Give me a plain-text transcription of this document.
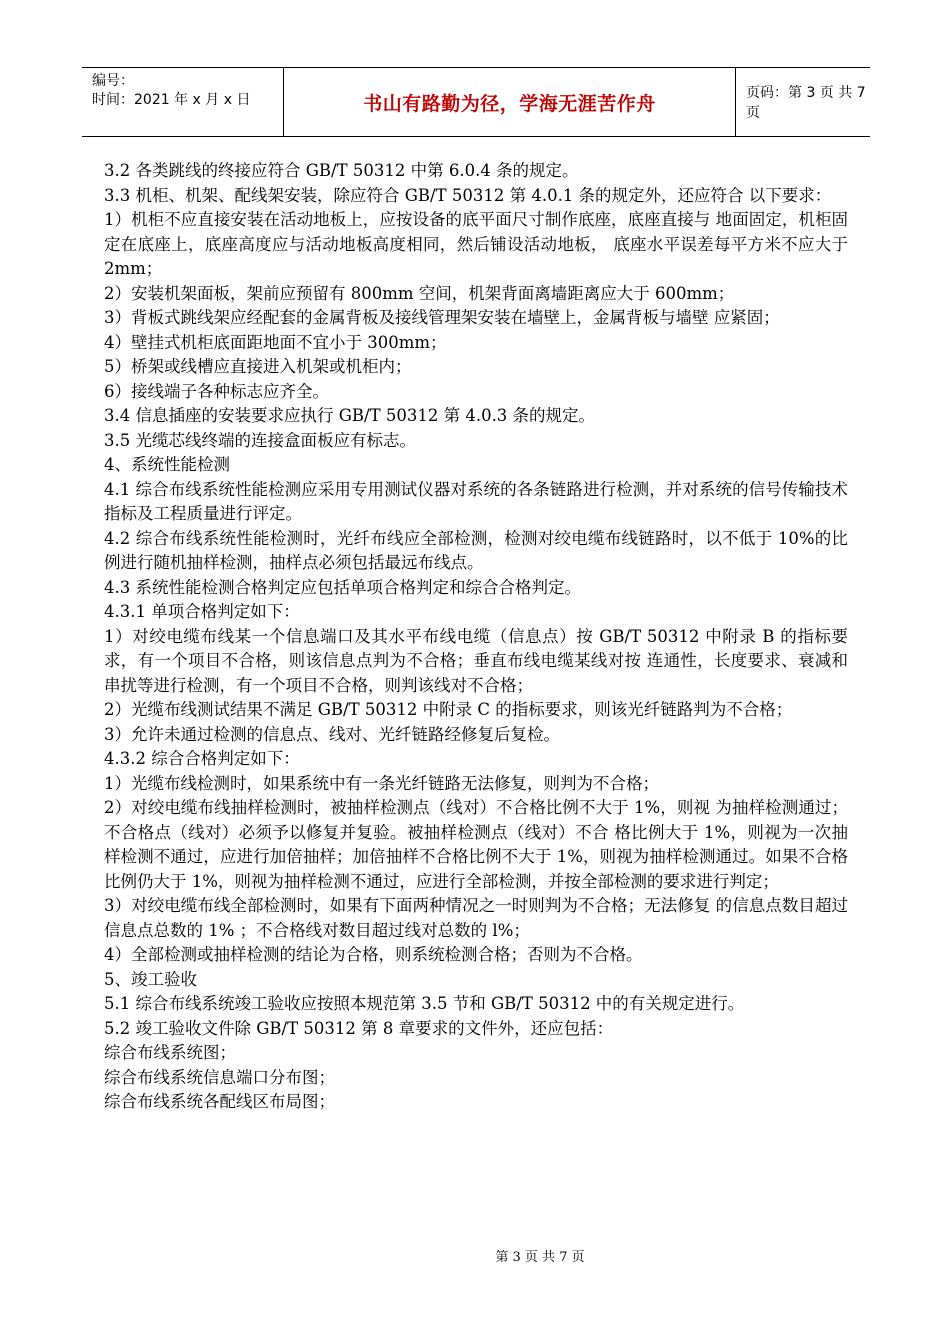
编号：
时间：2021 年 x 月 x 日	书山有路勤为径，学海无涯苦作舟	页码：第 3 页 共 7 页

3.2 各类跳线的终接应符合 GB/T 50312 中第 6.0.4 条的规定。

3.3 机柜、机架、配线架安装，除应符合 GB/T 50312 第 4.0.1 条的规定外，还应符合 以下要求：

1）机柜不应直接安装在活动地板上，应按设备的底平面尺寸制作底座，底座直接与 地面固定，机柜固定在底座上，底座高度应与活动地板高度相同，然后铺设活动地板， 底座水平误差每平方米不应大于 2mm；

2）安装机架面板，架前应预留有 800mm 空间，机架背面离墙距离应大于 600mm；

3）背板式跳线架应经配套的金属背板及接线管理架安装在墙壁上，金属背板与墙壁 应紧固；

4）壁挂式机柜底面距地面不宜小于 300mm；

5）桥架或线槽应直接进入机架或机柜内；

6）接线端子各种标志应齐全。

3.4 信息插座的安装要求应执行 GB/T 50312 第 4.0.3 条的规定。

3.5 光缆芯线终端的连接盒面板应有标志。

4、系统性能检测

4.1 综合布线系统性能检测应采用专用测试仪器对系统的各条链路进行检测，并对系统的信号传输技术指标及工程质量进行评定。

4.2 综合布线系统性能检测时，光纤布线应全部检测，检测对绞电缆布线链路时，以不低于 10%的比例进行随机抽样检测，抽样点必须包括最远布线点。

4.3 系统性能检测合格判定应包括单项合格判定和综合合格判定。

4.3.1 单项合格判定如下：

1）对绞电缆布线某一个信息端口及其水平布线电缆（信息点）按 GB/T 50312 中附录 B 的指标要求，有一个项目不合格，则该信息点判为不合格；垂直布线电缆某线对按 连通性，长度要求、衰减和串扰等进行检测，有一个项目不合格，则判该线对不合格；

2）光缆布线测试结果不满足 GB/T 50312 中附录 C 的指标要求，则该光纤链路判为不合格；

3）允许未通过检测的信息点、线对、光纤链路经修复后复检。

4.3.2 综合合格判定如下：

1）光缆布线检测时，如果系统中有一条光纤链路无法修复，则判为不合格；

2）对绞电缆布线抽样检测时，被抽样检测点（线对）不合格比例不大于 1%，则视 为抽样检测通过；不合格点（线对）必须予以修复并复验。被抽样检测点（线对）不合 格比例大于 1%，则视为一次抽样检测不通过，应进行加倍抽样；加倍抽样不合格比例不大于 1%，则视为抽样检测通过。如果不合格比例仍大于 1%，则视为抽样检测不通过，应进行全部检测，并按全部检测的要求进行判定；

3）对绞电缆布线全部检测时，如果有下面两种情况之一时则判为不合格；无法修复 的信息点数目超过信息点总数的 1% ；不合格线对数目超过线对总数的 l%；

4）全部检测或抽样检测的结论为合格，则系统检测合格；否则为不合格。

5、竣工验收

5.1 综合布线系统竣工验收应按照本规范第 3.5 节和 GB/T 50312 中的有关规定进行。

5.2 竣工验收文件除 GB/T 50312 第 8 章要求的文件外，还应包括：

综合布线系统图；

综合布线系统信息端口分布图；

综合布线系统各配线区布局图；

第 3 页 共 7 页
